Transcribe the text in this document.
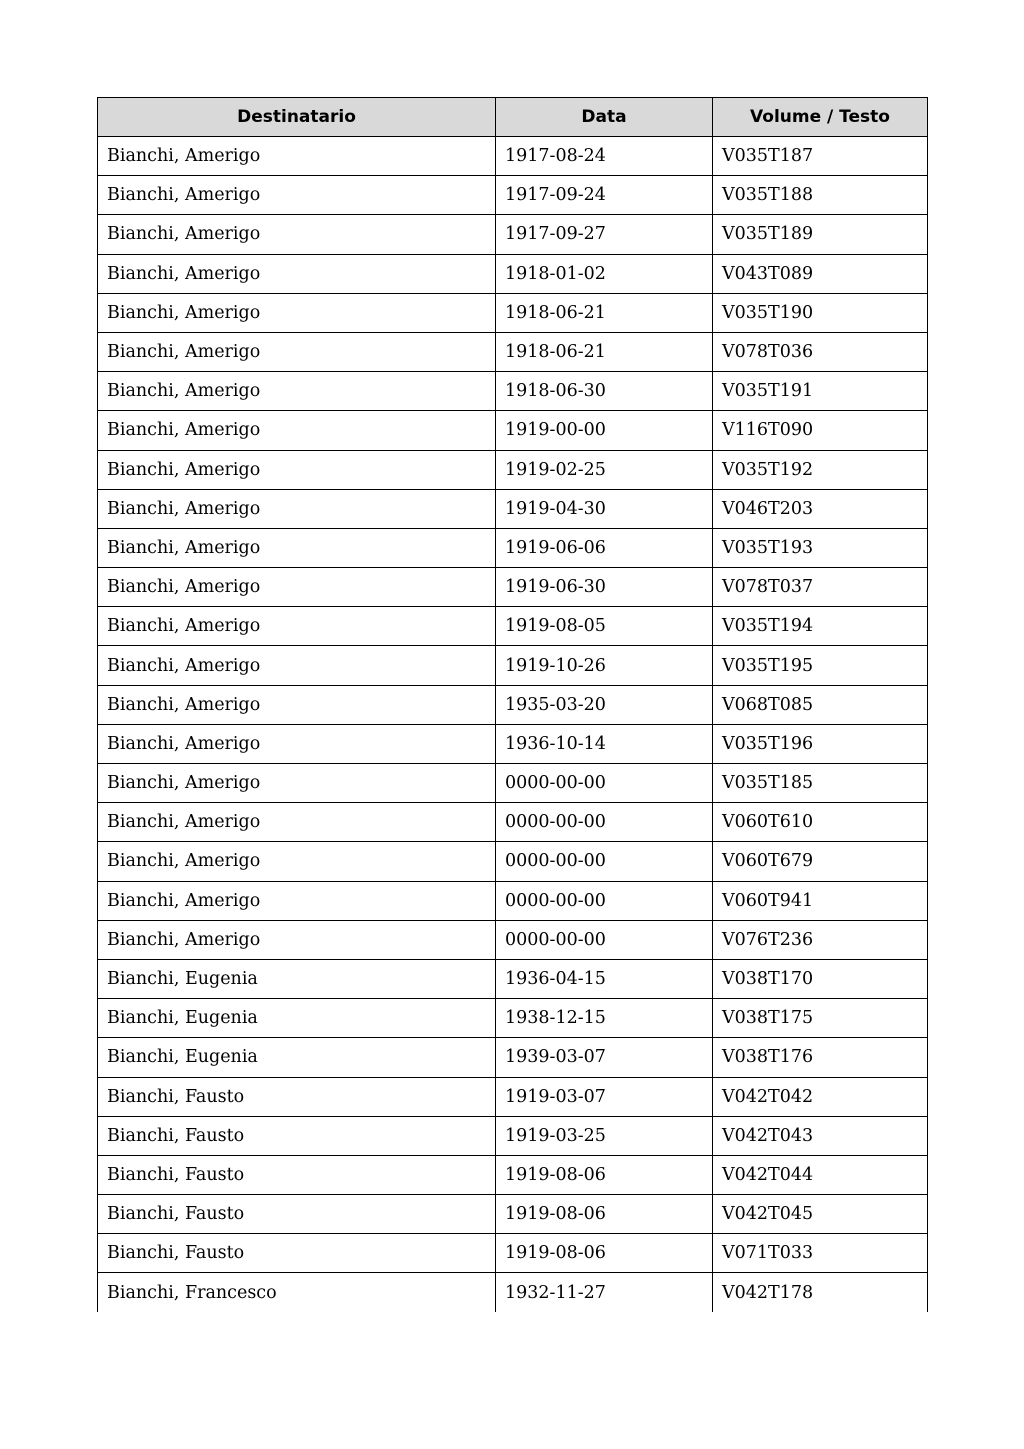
Destinatario	Data	Volume / Testo
Bianchi, Amerigo	1917-08-24	V035T187
Bianchi, Amerigo	1917-09-24	V035T188
Bianchi, Amerigo	1917-09-27	V035T189
Bianchi, Amerigo	1918-01-02	V043T089
Bianchi, Amerigo	1918-06-21	V035T190
Bianchi, Amerigo	1918-06-21	V078T036
Bianchi, Amerigo	1918-06-30	V035T191
Bianchi, Amerigo	1919-00-00	V116T090
Bianchi, Amerigo	1919-02-25	V035T192
Bianchi, Amerigo	1919-04-30	V046T203
Bianchi, Amerigo	1919-06-06	V035T193
Bianchi, Amerigo	1919-06-30	V078T037
Bianchi, Amerigo	1919-08-05	V035T194
Bianchi, Amerigo	1919-10-26	V035T195
Bianchi, Amerigo	1935-03-20	V068T085
Bianchi, Amerigo	1936-10-14	V035T196
Bianchi, Amerigo	0000-00-00	V035T185
Bianchi, Amerigo	0000-00-00	V060T610
Bianchi, Amerigo	0000-00-00	V060T679
Bianchi, Amerigo	0000-00-00	V060T941
Bianchi, Amerigo	0000-00-00	V076T236
Bianchi, Eugenia	1936-04-15	V038T170
Bianchi, Eugenia	1938-12-15	V038T175
Bianchi, Eugenia	1939-03-07	V038T176
Bianchi, Fausto	1919-03-07	V042T042
Bianchi, Fausto	1919-03-25	V042T043
Bianchi, Fausto	1919-08-06	V042T044
Bianchi, Fausto	1919-08-06	V042T045
Bianchi, Fausto	1919-08-06	V071T033
Bianchi, Francesco	1932-11-27	V042T178
